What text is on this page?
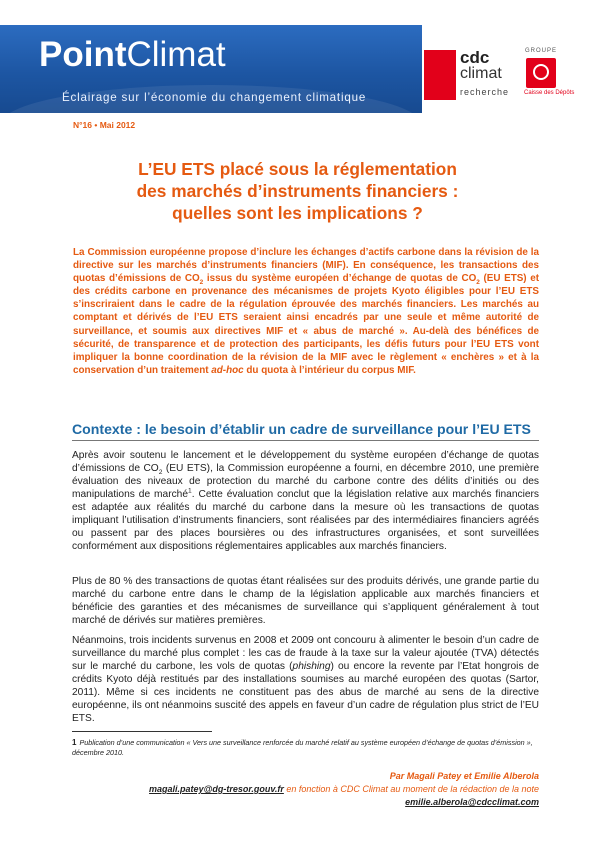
PointClimat
Éclairage sur l’économie du changement climatique
cdc
climat
recherche
GROUPE
Caisse des Dépôts
N°16 • Mai 2012
L’EU ETS placé sous la réglementation
des marchés d’instruments financiers :
quelles sont les implications ?
La Commission européenne propose d’inclure les échanges d’actifs carbone dans la révision de la directive sur les marchés d’instruments financiers (MIF). En conséquence, les transactions des quotas d’émissions de $CO_2$ issus du système européen d’échange de quotas de $CO_2$ (EU ETS) et des crédits carbone en provenance des mécanismes de projets Kyoto éligibles pour l’EU ETS s’inscriraient dans le cadre de la régulation éprouvée des marchés financiers. Les marchés au comptant et dérivés de l’EU ETS seraient ainsi encadrés par une seule et même autorité de surveillance, et soumis aux directives MIF et « abus de marché ». Au-delà des bénéfices de sécurité, de transparence et de protection des participants, les défis futurs pour l’EU ETS vont impliquer la bonne coordination de la révision de la MIF avec le règlement « enchères » et à la conservation d’un traitement ad-hoc du quota à l’intérieur du corpus MIF.
Contexte : le besoin d’établir un cadre de surveillance pour l’EU ETS
Après avoir soutenu le lancement et le développement du système européen d’échange de quotas d’émissions de $CO_2$ (EU ETS), la Commission européenne a fourni, en décembre 2010, une première évaluation des niveaux de protection du marché du carbone contre des délits d’initiés ou des manipulations de marché$^1$. Cette évaluation conclut que la législation relative aux marchés financiers est adaptée aux réalités du marché du carbone dans la mesure où les transactions de quotas impliquant l’utilisation d’instruments financiers, sont réalisées par des intermédiaires financiers agréés ou passent par des places boursières ou des infrastructures organisées, et sont surveillées conformément aux dispositions réglementaires applicables aux marchés financiers.
Plus de 80 % des transactions de quotas étant réalisées sur des produits dérivés, une grande partie du marché du carbone entre dans le champ de la législation applicable aux marchés financiers et bénéficie des garanties et des mécanismes de surveillance qui s’appliquent généralement à tout marché de dérivés sur matières premières.
Néanmoins, trois incidents survenus en 2008 et 2009 ont concouru à alimenter le besoin d’un cadre de surveillance du marché plus complet : les cas de fraude à la taxe sur la valeur ajoutée (TVA) détectés sur le marché du carbone, les vols de quotas (phishing) ou encore la revente par l’Etat hongrois de crédits Kyoto déjà restitués par des installations soumises au marché européen des quotas (Sartor, 2011). Même si ces incidents ne constituent pas des abus de marché au sens de la directive européenne, ils ont néanmoins suscité des appels en faveur d’un cadre de régulation plus strict de l’EU ETS.
1 Publication d’une communication « Vers une surveillance renforcée du marché relatif au système européen d’échange de quotas d’émission », décembre 2010.
Par Magali Patey et Emilie Alberola
magali.patey@dg-tresor.gouv.fr en fonction à CDC Climat au moment de la rédaction de la note
emilie.alberola@cdcclimat.com
